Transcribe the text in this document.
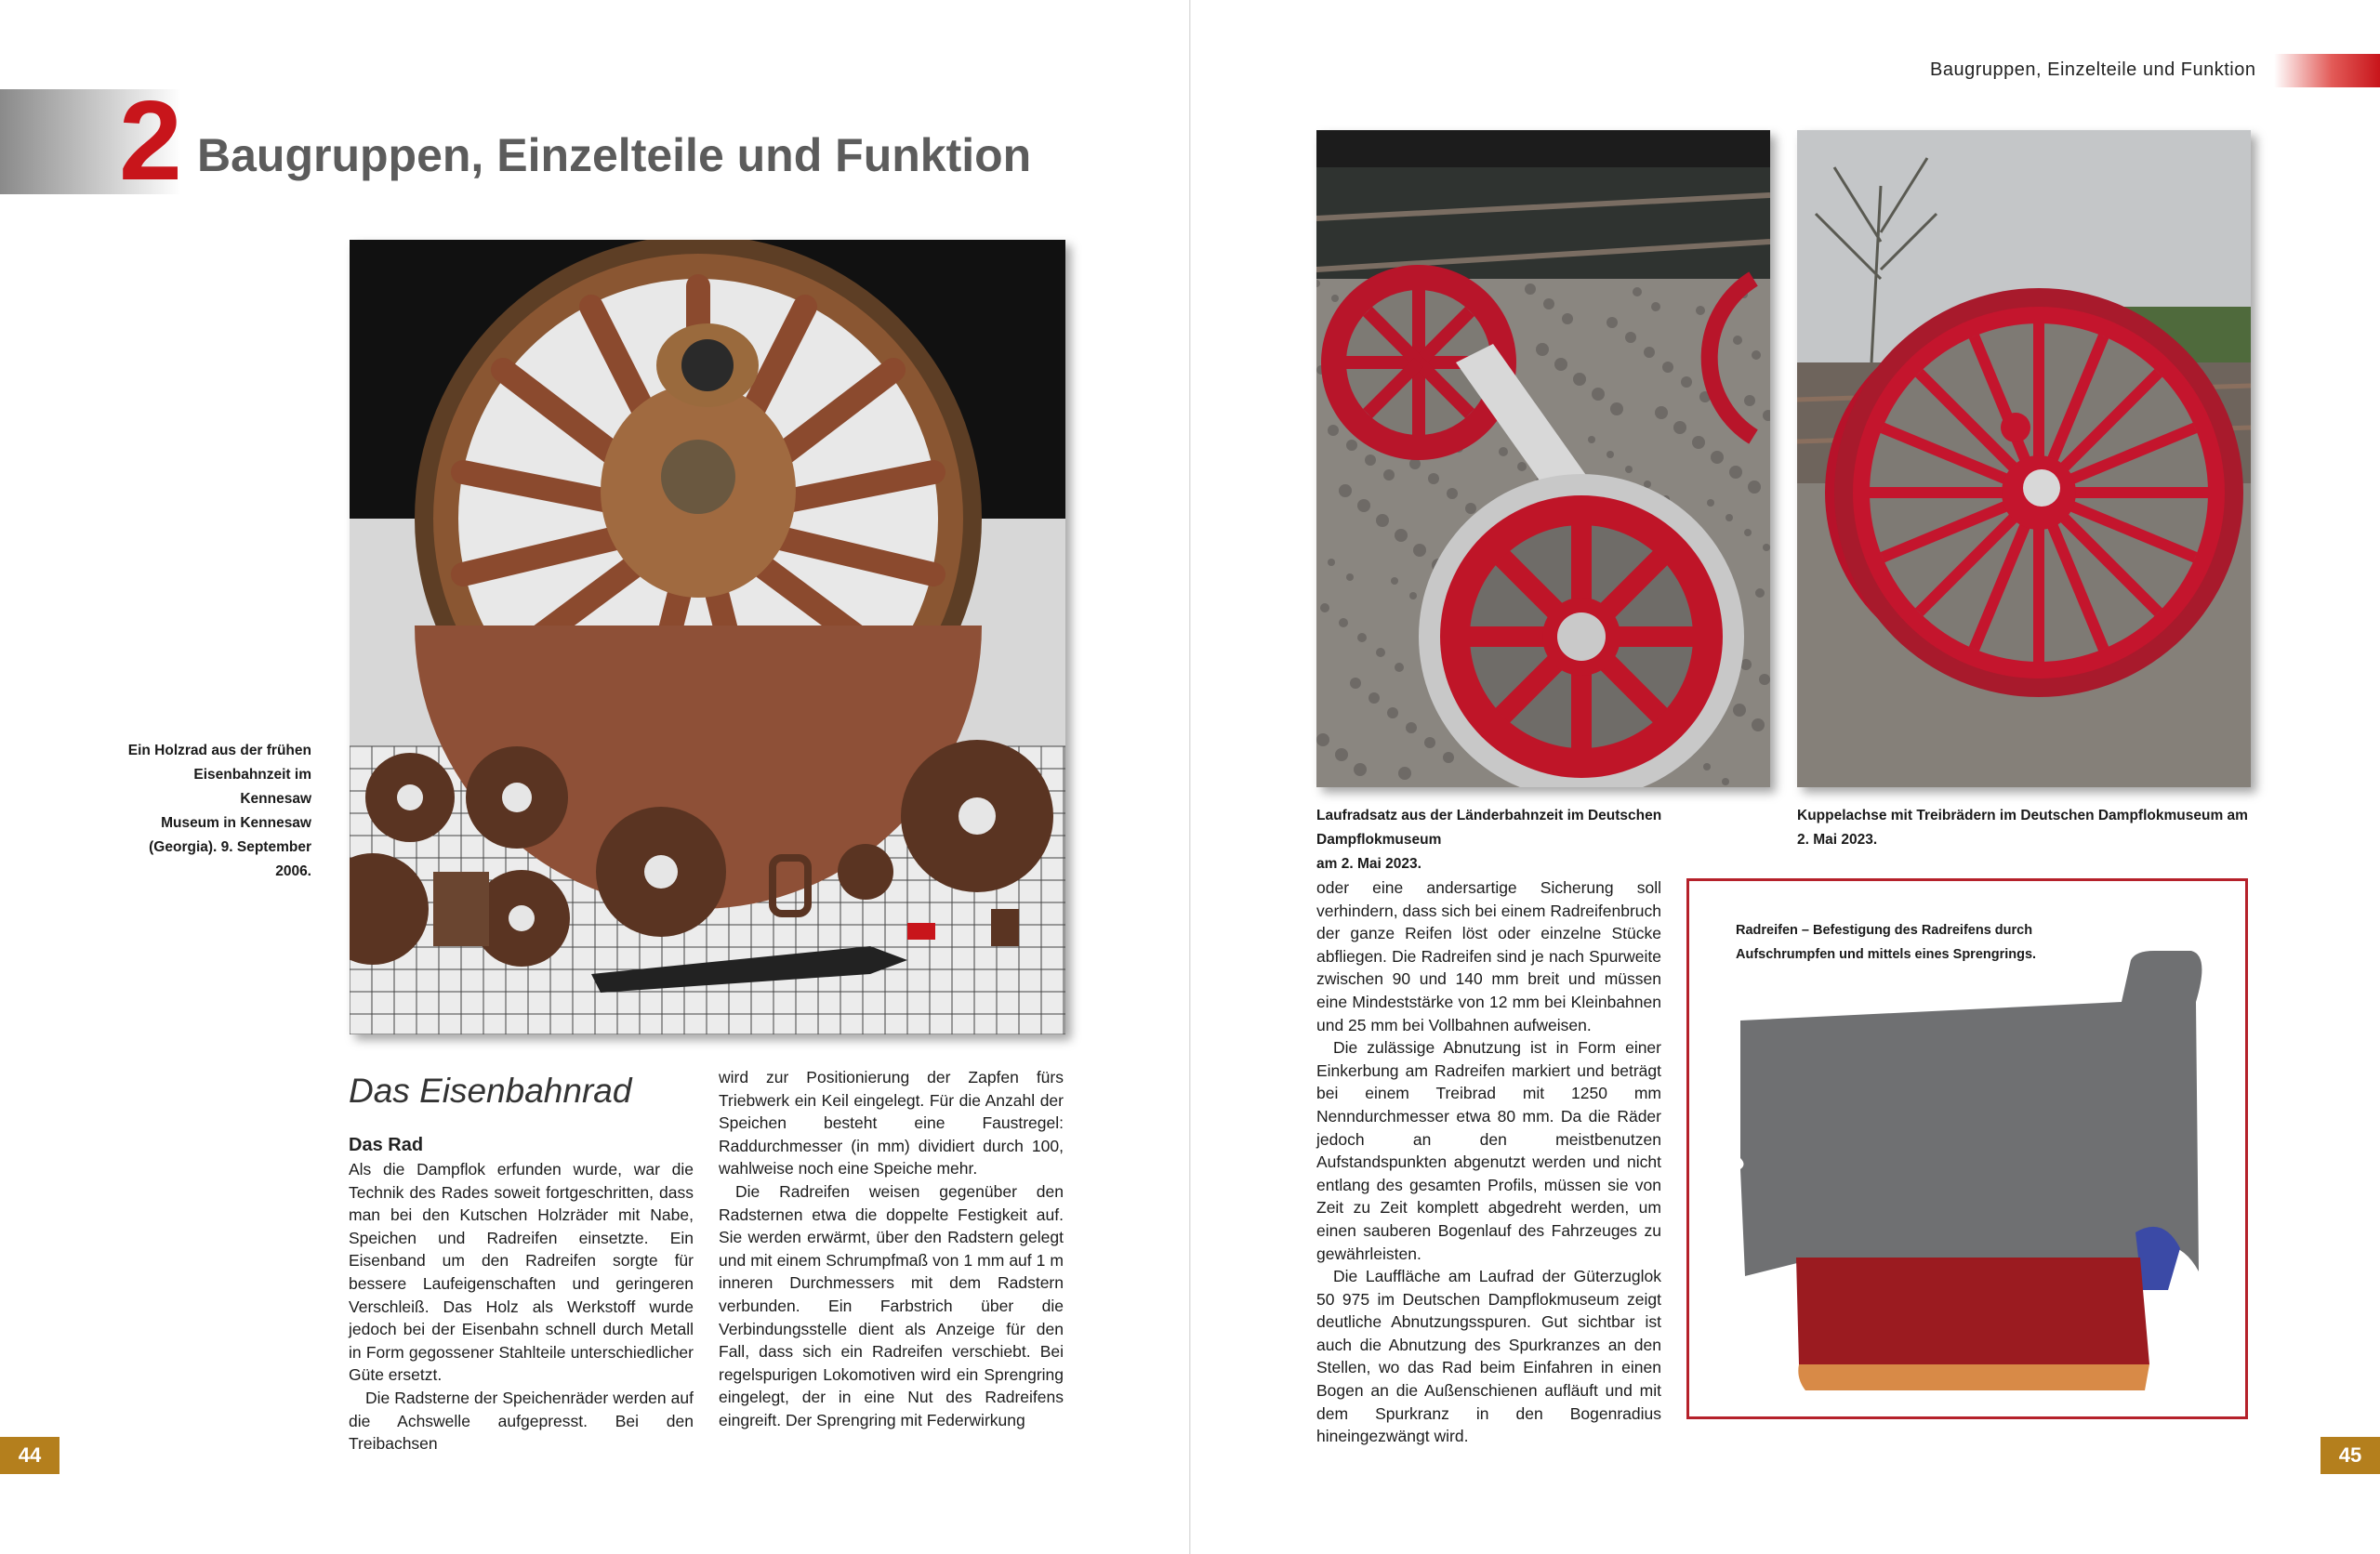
2 Baugruppen, Einzelteile und Funktion
Baugruppen, Einzelteile und Funktion
Ein Holzrad aus der frühen
Eisenbahnzeit im Kennesaw
Museum in Kennesaw
(Georgia). 9. September 2006.
Das Eisenbahnrad
Das Rad

Als die Dampflok erfunden wurde, war die Technik des Rades soweit fortgeschritten, dass man bei den Kutschen Holzräder mit Nabe, Speichen und Radreifen einsetzte. Ein Eisenband um den Radreifen sorgte für bessere Laufeigenschaften und geringeren Verschleiß. Das Holz als Werkstoff wurde jedoch bei der Eisenbahn schnell durch Metall in Form gegossener Stahlteile unterschiedlicher Güte ersetzt.

Die Radsterne der Speichenräder werden auf die Achswelle aufgepresst. Bei den Treibachsen

wird zur Positionierung der Zapfen fürs Triebwerk ein Keil eingelegt. Für die Anzahl der Speichen besteht eine Faustregel: Raddurchmesser (in mm) dividiert durch 100, wahlweise noch eine Speiche mehr.

Die Radreifen weisen gegenüber den Radsternen etwa die doppelte Festigkeit auf. Sie werden erwärmt, über den Radstern gelegt und mit einem Schrumpfmaß von 1 mm auf 1 m inneren Durchmessers mit dem Radstern verbunden. Ein Farbstrich über die Verbindungsstelle dient als Anzeige für den Fall, dass sich ein Radreifen verschiebt. Bei regelspurigen Lokomotiven wird ein Sprengring eingelegt, der in eine Nut des Radreifens eingreift. Der Sprengring mit Federwirkung

44
Laufradsatz aus der Länderbahnzeit im Deutschen Dampflokmuseum
am 2. Mai 2023.
Kuppelachse mit Treibrädern im Deutschen Dampflokmuseum am
2. Mai 2023.

oder eine andersartige Sicherung soll verhindern, dass sich bei einem Radreifenbruch der ganze Reifen löst oder einzelne Stücke abfliegen. Die Radreifen sind je nach Spurweite zwischen 90 und 140 mm breit und müssen eine Mindeststärke von 12 mm bei Kleinbahnen und 25 mm bei Vollbahnen aufweisen.

Die zulässige Abnutzung ist in Form einer Einkerbung am Radreifen markiert und beträgt bei einem Treibrad mit 1250 mm Nenndurchmesser etwa 80 mm. Da die Räder jedoch an den meistbenutzen Aufstandspunkten abgenutzt werden und nicht entlang des gesamten Profils, müssen sie von Zeit zu Zeit komplett abgedreht werden, um einen sauberen Bogenlauf des Fahrzeuges zu gewährleisten.

Die Lauffläche am Laufrad der Güterzuglok 50 975 im Deutschen Dampflokmuseum zeigt deutliche Abnutzungsspuren. Gut sichtbar ist auch die Abnutzung des Spurkranzes an den Stellen, wo das Rad beim Einfahren in einen Bogen an die Außenschienen aufläuft und mit dem Spurkranz in den Bogenradius hineingezwängt wird.

Radreifen – Befestigung des Radreifens durch
Aufschrumpfen und mittels eines Sprengrings.
45
